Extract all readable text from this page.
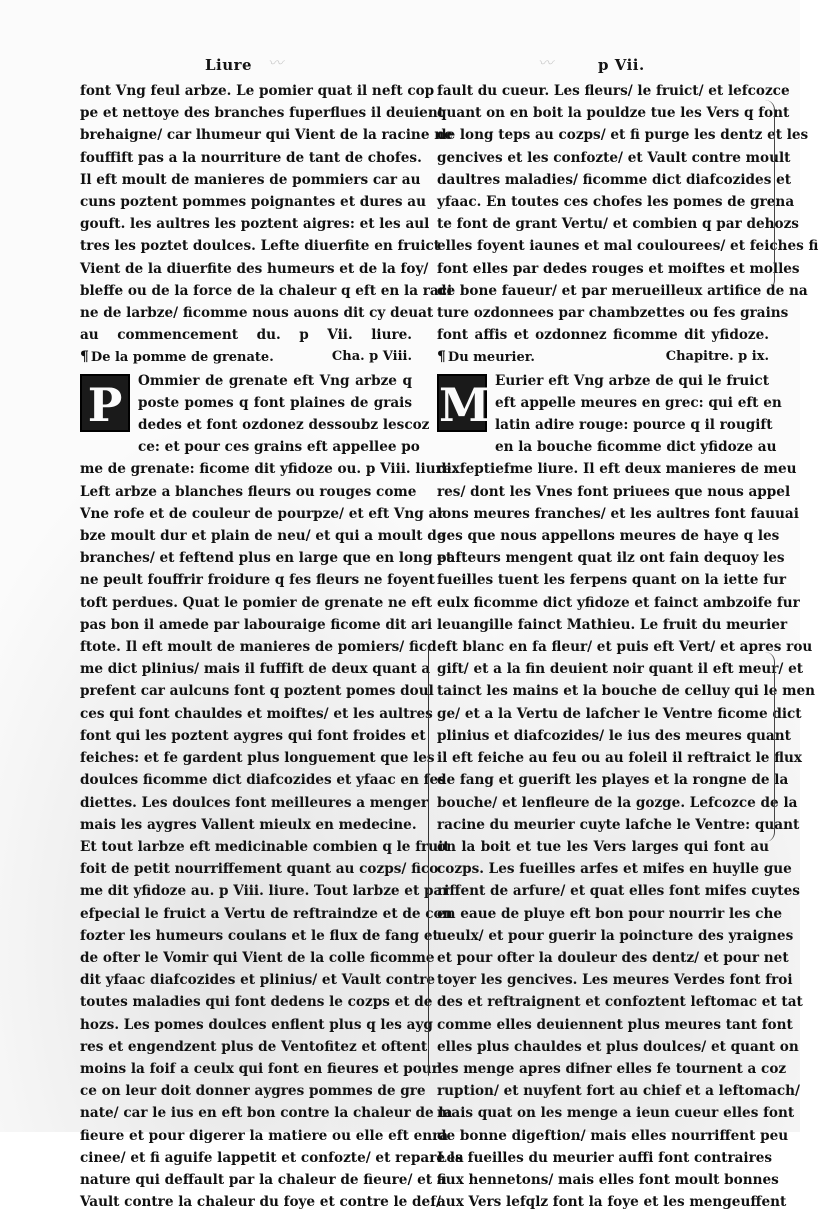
〰	〰
Liure	p Vii.
font Vng feul arbze. Le pomier quat il neft cop
pe et nettoye des branches fuperflues il deuient
brehaigne/ car lhumeur qui Vient de la racine ne
fouffift pas a la nourriture de tant de chofes.
Il eft moult de manieres de pommiers car au
cuns poztent pommes poignantes et dures au
gouft. les aultres les poztent aigres: et les aul
tres les poztet doulces. Lefte diuerfite en fruict
Vient de la diuerfite des humeurs et de la foy/
bleffe ou de la force de la chaleur q eft en la raci
ne de larbze/ ficomme nous auons dit cy deuat
au commencement du. p Vii. liure.
¶ De la pomme de grenate.	Cha. p Viii.
P	Ommier de grenate eft Vng arbze q
poste pomes q font plaines de grais
dedes et font ozdonez dessoubz lescoz
ce: et pour ces grains eft appellee po
me de grenate: ficome dit yfidoze ou. p Viii. liure.
Left arbze a blanches fleurs ou rouges come
Vne rofe et de couleur de pourpze/ et eft Vng ar
bze moult dur et plain de neu/ et qui a moult de
branches/ et feftend plus en large que en long et
ne peult fouffrir froidure q fes fleurs ne foyent
toft perdues. Quat le pomier de grenate ne eft
pas bon il amede par labouraige ficome dit ari
ftote. Il eft moult de manieres de pomiers/ ficd
me dict plinius/ mais il fuffift de deux quant a
prefent car aulcuns font q poztent pomes doul
ces qui font chauldes et moiftes/ et les aultres
font qui les poztent aygres qui font froides et
feiches: et fe gardent plus longuement que les
doulces ficomme dict diafcozides et yfaac en fes
diettes. Les doulces font meilleures a menger
mais les aygres Vallent mieulx en medecine.
Et tout larbze eft medicinable combien q le fruit
foit de petit nourriffement quant au cozps/ fico
me dit yfidoze au. p Viii. liure. Tout larbze et par
efpecial le fruict a Vertu de reftraindze et de con
fozter les humeurs coulans et le flux de fang et
de ofter le Vomir qui Vient de la colle ficomme
dit yfaac diafcozides et plinius/ et Vault contre
toutes maladies qui font dedens le cozps et de
hozs. Les pomes doulces enflent plus q les ayg
res et engendzent plus de Ventofitez et oftent
moins la foif a ceulx qui font en fieures et pour
ce on leur doit donner aygres pommes de gre
nate/ car le ius en eft bon contre la chaleur de la
fieure et pour digerer la matiere ou elle eft enra
cinee/ et fi aguife lappetit et confozte/ et repare la
nature qui deffault par la chaleur de fieure/ et fi
Vault contre la chaleur du foye et contre le def/
fault du cueur. Les fleurs/ le fruict/ et lefcozce
quant on en boit la pouldze tue les Vers q font
de long teps au cozps/ et fi purge les dentz et les
gencives et les confozte/ et Vault contre moult
daultres maladies/ ficomme dict diafcozides et
yfaac. En toutes ces chofes les pomes de grena
te font de grant Vertu/ et combien q par dehozs
elles foyent iaunes et mal coulourees/ et feiches fi
font elles par dedes rouges et moiftes et molles
de bone faueur/ et par merueilleux artifice de na
ture ozdonnees par chambzettes ou fes grains
font affis et ozdonnez ficomme dit yfidoze.
¶ Du meurier.	Chapitre. p ix.
M Eurier eft Vng arbze de qui le fruict
eft appelle meures en grec: qui eft en
latin adire rouge: pource q il rougift
en la bouche ficomme dict yfidoze au
dixfeptiefme liure. Il eft deux manieres de meu
res/ dont les Vnes font priuees que nous appel
lons meures franches/ et les aultres font fauuai
ges que nous appellons meures de haye q les
pafteurs mengent quat ilz ont fain dequoy les
fueilles tuent les ferpens quant on la iette fur
eulx ficomme dict yfidoze et fainct ambzoife fur
leuangille fainct Mathieu. Le fruit du meurier
eft blanc en fa fleur/ et puis eft Vert/ et apres rou
gift/ et a la fin deuient noir quant il eft meur/ et
tainct les mains et la bouche de celluy qui le men
ge/ et a la Vertu de lafcher le Ventre ficome dict
plinius et diafcozides/ le ius des meures quant
il eft feiche au feu ou au foleil il reftraict le flux
de fang et guerift les playes et la rongne de la
bouche/ et lenfleure de la gozge. Lefcozce de la
racine du meurier cuyte lafche le Ventre: quant
on la boit et tue les Vers larges qui font au
cozps. Les fueilles arfes et mifes en huylle gue
riffent de arfure/ et quat elles font mifes cuytes
en eaue de pluye eft bon pour nourrir les che
ueulx/ et pour guerir la poincture des yraignes
et pour ofter la douleur des dentz/ et pour net
toyer les gencives. Les meures Verdes font froi
des et reftraignent et confoztent leftomac et tat
comme elles deuiennent plus meures tant font
elles plus chauldes et plus doulces/ et quant on
les menge apres difner elles fe tournent a coz
ruption/ et nuyfent fort au chief et a leftomach/
mais quat on les menge a ieun cueur elles font
de bonne digeftion/ mais elles nourriffent peu
Les fueilles du meurier auffi font contraires
aux hennetons/ mais elles font moult bonnes
aux Vers lefqlz font la foye et les mengeuffent
